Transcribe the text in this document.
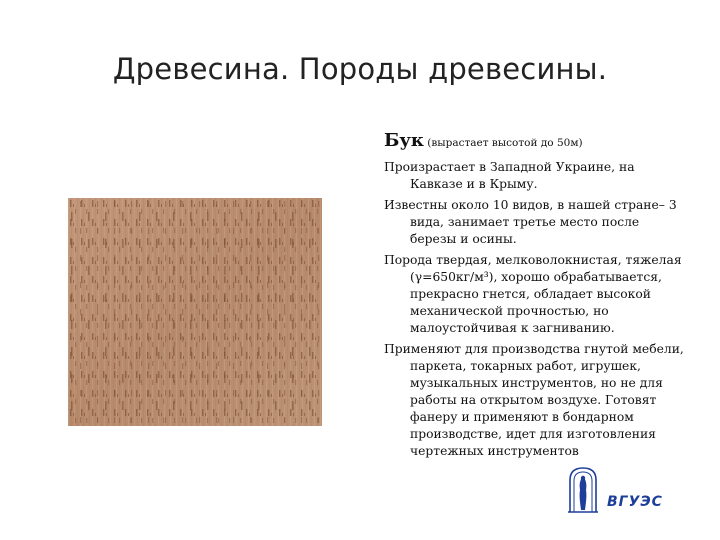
Древесина. Породы древесины.

Бук (вырастает высотой до 50м)

Произрастает в Западной Украине, на Кавказе и в Крыму.

Известны около 10 видов, в нашей стране– 3 вида, занимает третье место после березы и осины.

Порода твердая, мелковолокнистая, тяжелая (γ=650кг/м³), хорошо обрабатывается, прекрасно гнется, обладает высокой механической прочностью, но малоустойчивая к загниванию.

Применяют для производства гнутой мебели, паркета, токарных работ, игрушек, музыкальных инструментов, но не для работы на открытом воздухе. Готовят фанеру и применяют в бондарном производстве, идет для изготовления чертежных инструментов

ВГУЭС
